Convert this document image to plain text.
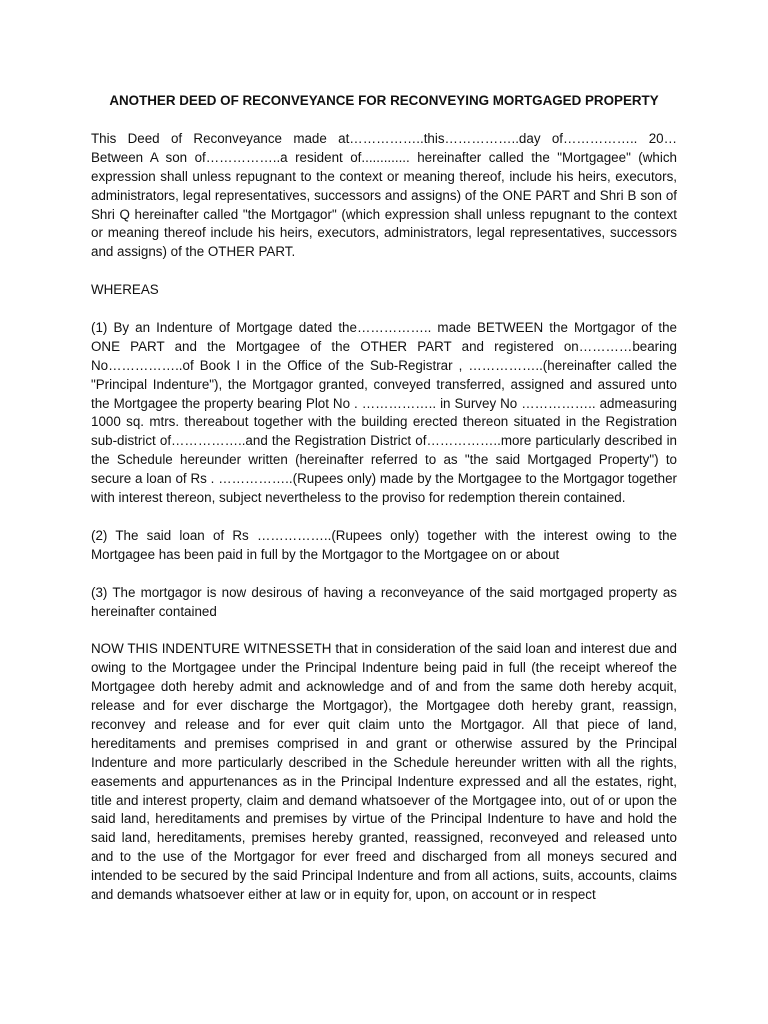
ANOTHER DEED OF RECONVEYANCE FOR RECONVEYING MORTGAGED PROPERTY
This Deed of Reconveyance made at……………..this……………..day of…………….. 20… Between A son of……………..a resident of............. hereinafter called the "Mortgagee" (which expression shall unless repugnant to the context or meaning thereof, include his heirs, executors, administrators, legal representatives, successors and assigns) of the ONE PART and Shri B son of Shri Q hereinafter called "the Mortgagor" (which expression shall unless repugnant to the context or meaning thereof include his heirs, executors, administrators, legal representatives, successors and assigns) of the OTHER PART.
WHEREAS
(1) By an Indenture of Mortgage dated the…………….. made BETWEEN the Mortgagor of the ONE PART and the Mortgagee of the OTHER PART and registered on…………bearing No……………..of Book I in the Office of the Sub-Registrar , ……………..(hereinafter called the "Principal Indenture"), the Mortgagor granted, conveyed transferred, assigned and assured unto the Mortgagee the property bearing Plot No . …………….. in Survey No …………….. admeasuring 1000 sq. mtrs. thereabout together with the building erected thereon situated in the Registration sub-district of……………..and the Registration District of……………..more particularly described in the Schedule hereunder written (hereinafter referred to as "the said Mortgaged Property") to secure a loan of Rs . ……………..(Rupees only) made by the Mortgagee to the Mortgagor together with interest thereon, subject nevertheless to the proviso for redemption therein contained.
(2) The said loan of Rs ……………..(Rupees only) together with the interest owing to the Mortgagee has been paid in full by the Mortgagor to the Mortgagee on or about
(3) The mortgagor is now desirous of having a reconveyance of the said mortgaged property as hereinafter contained
NOW THIS INDENTURE WITNESSETH that in consideration of the said loan and interest due and owing to the Mortgagee under the Principal Indenture being paid in full (the receipt whereof the Mortgagee doth hereby admit and acknowledge and of and from the same doth hereby acquit, release and for ever discharge the Mortgagor), the Mortgagee doth hereby grant, reassign, reconvey and release and for ever quit claim unto the Mortgagor. All that piece of land, hereditaments and premises comprised in and grant or otherwise assured by the Principal Indenture and more particularly described in the Schedule hereunder written with all the rights, easements and appurtenances as in the Principal Indenture expressed and all the estates, right, title and interest property, claim and demand whatsoever of the Mortgagee into, out of or upon the said land, hereditaments and premises by virtue of the Principal Indenture to have and hold the said land, hereditaments, premises hereby granted, reassigned, reconveyed and released unto and to the use of the Mortgagor for ever freed and discharged from all moneys secured and intended to be secured by the said Principal Indenture and from all actions, suits, accounts, claims and demands whatsoever either at law or in equity for, upon, on account or in respect
